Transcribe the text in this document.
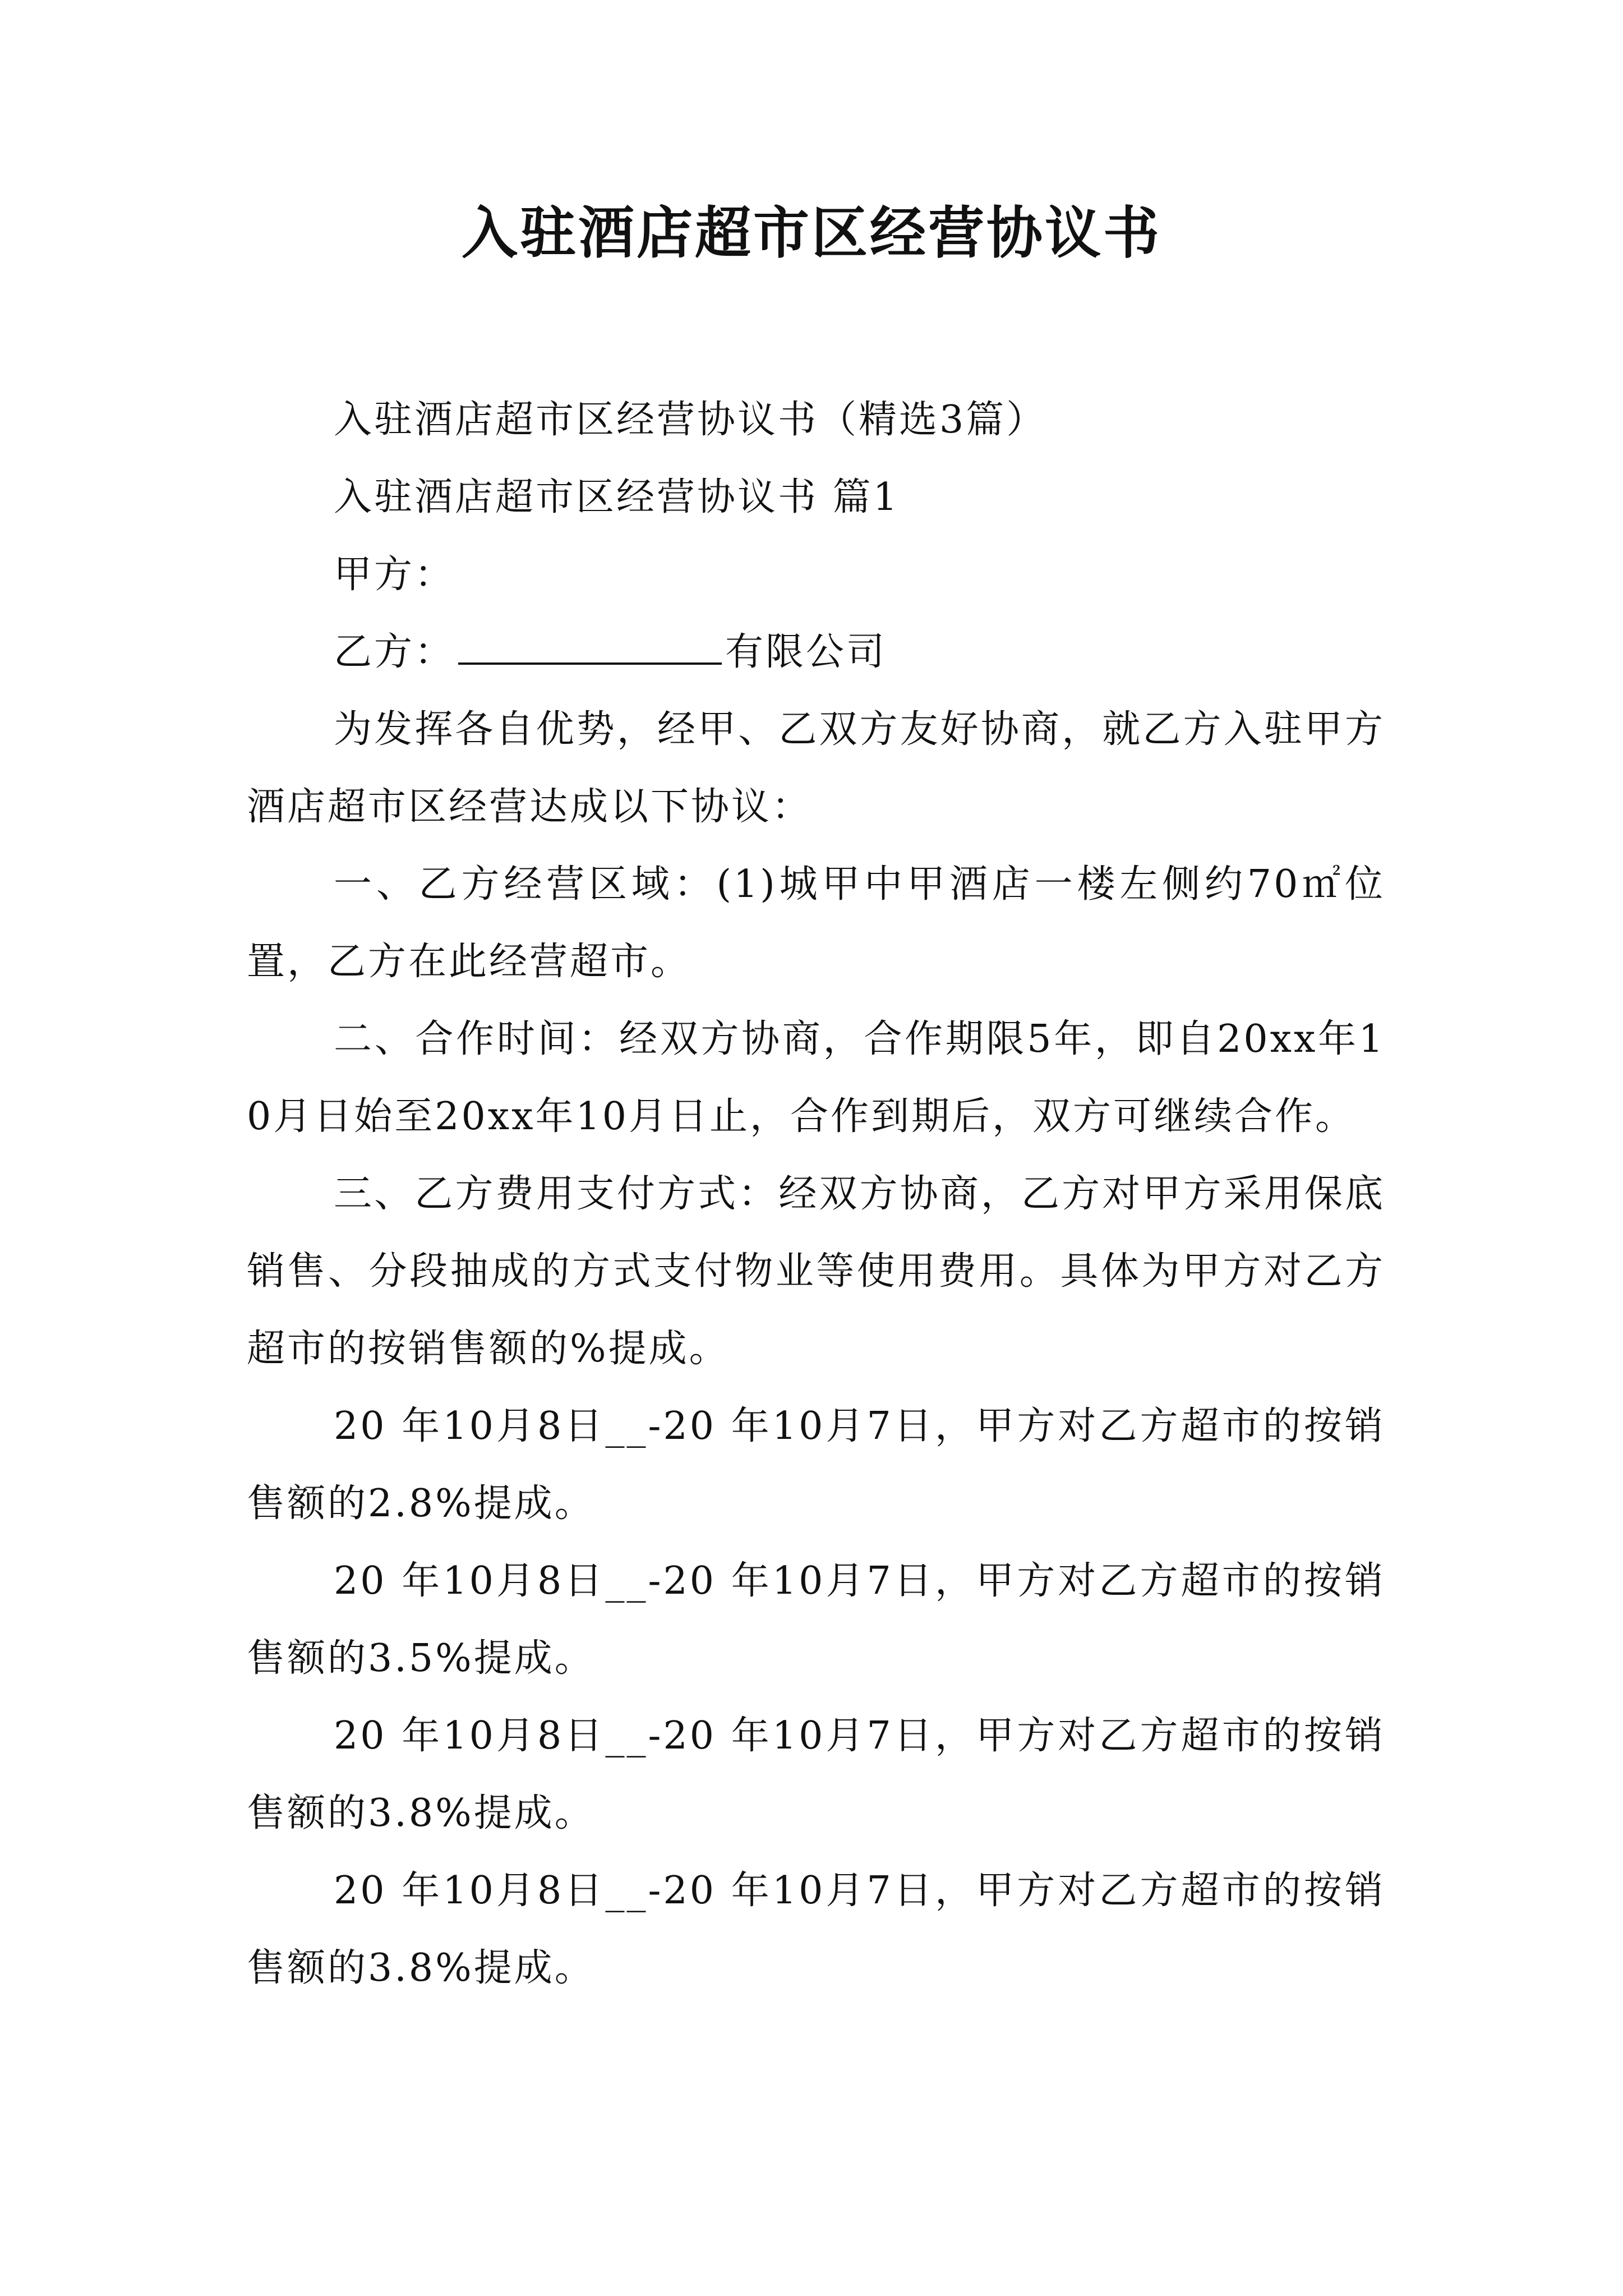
入驻酒店超市区经营协议书

入驻酒店超市区经营协议书（精选3篇）

入驻酒店超市区经营协议书 篇1

甲方：

乙方：	有限公司

为发挥各自优势，经甲、乙双方友好协商，就乙方入驻甲方酒店超市区经营达成以下协议：

一、乙方经营区域：(1)城甲中甲酒店一楼左侧约70㎡位置，乙方在此经营超市。

二、合作时间：经双方协商，合作期限5年，即自20xx年10月日始至20xx年10月日止，合作到期后，双方可继续合作。

三、乙方费用支付方式：经双方协商，乙方对甲方采用保底销售、分段抽成的方式支付物业等使用费用。具体为甲方对乙方超市的按销售额的%提成。

20 年10月8日__-20 年10月7日，甲方对乙方超市的按销售额的2.8%提成。

20 年10月8日__-20 年10月7日，甲方对乙方超市的按销售额的3.5%提成。

20 年10月8日__-20 年10月7日，甲方对乙方超市的按销售额的3.8%提成。

20 年10月8日__-20 年10月7日，甲方对乙方超市的按销售额的3.8%提成。
